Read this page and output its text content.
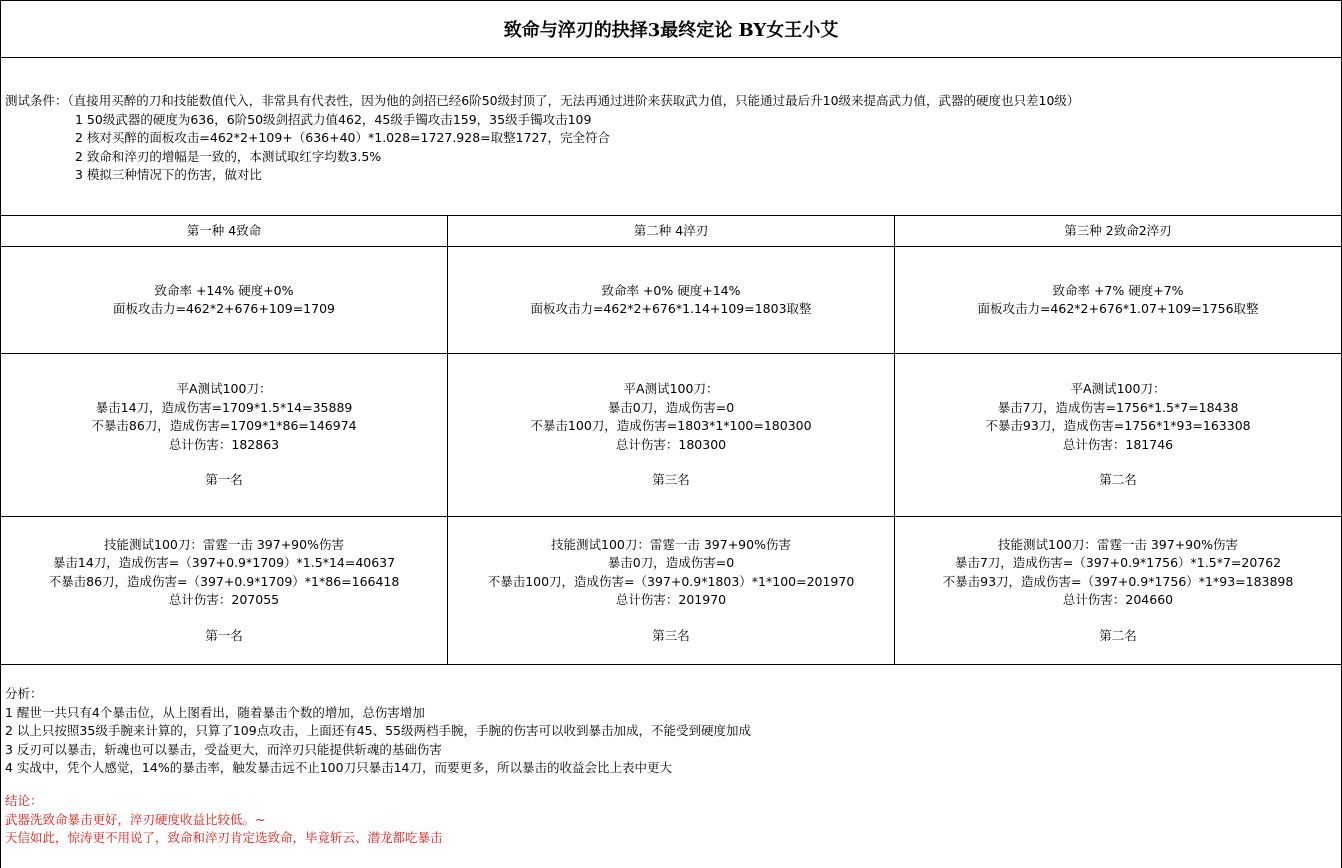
致命与淬刃的抉择3最终定论 BY女王小艾
测试条件：（直接用买醉的刀和技能数值代入，非常具有代表性，因为他的剑招已经6阶50级封顶了，无法再通过进阶来获取武力值，只能通过最后升10级来提高武力值，武器的硬度也只差10级）
1 50级武器的硬度为636，6阶50级剑招武力值462，45级手镯攻击159，35级手镯攻击109
2 核对买醉的面板攻击=462*2+109+（636+40）*1.028=1727.928=取整1727，完全符合
2 致命和淬刃的增幅是一致的，本测试取红字均数3.5%
3 模拟三种情况下的伤害，做对比
第一种 4致命	第二种 4淬刃	第三种 2致命2淬刃
致命率 +14% 硬度+0%
面板攻击力=462*2+676+109=1709
致命率 +0% 硬度+14%
面板攻击力=462*2+676*1.14+109=1803取整
致命率 +7% 硬度+7%
面板攻击力=462*2+676*1.07+109=1756取整
平A测试100刀：
暴击14刀，造成伤害=1709*1.5*14=35889
不暴击86刀，造成伤害=1709*1*86=146974
总计伤害：182863
第一名
平A测试100刀：
暴击0刀，造成伤害=0
不暴击100刀，造成伤害=1803*1*100=180300
总计伤害：180300
第三名
平A测试100刀：
暴击7刀，造成伤害=1756*1.5*7=18438
不暴击93刀，造成伤害=1756*1*93=163308
总计伤害：181746
第二名
技能测试100刀：雷霆一击 397+90%伤害
暴击14刀，造成伤害=（397+0.9*1709）*1.5*14=40637
不暴击86刀，造成伤害=（397+0.9*1709）*1*86=166418
总计伤害：207055
第一名
技能测试100刀：雷霆一击 397+90%伤害
暴击0刀，造成伤害=0
不暴击100刀，造成伤害=（397+0.9*1803）*1*100=201970
总计伤害：201970
第三名
技能测试100刀：雷霆一击 397+90%伤害
暴击7刀，造成伤害=（397+0.9*1756）*1.5*7=20762
不暴击93刀，造成伤害=（397+0.9*1756）*1*93=183898
总计伤害：204660
第二名
分析：
1 醒世一共只有4个暴击位，从上图看出，随着暴击个数的增加，总伤害增加
2 以上只按照35级手腕来计算的，只算了109点攻击，上面还有45、55级两档手腕，手腕的伤害可以收到暴击加成，不能受到硬度加成
3 反刃可以暴击，斩魂也可以暴击，受益更大，而淬刃只能提供斩魂的基础伤害
4 实战中，凭个人感觉，14%的暴击率，触发暴击远不止100刀只暴击14刀，而要更多，所以暴击的收益会比上表中更大
结论：
武器洗致命暴击更好，淬刃硬度收益比较低。~
天信如此，惊涛更不用说了，致命和淬刃肯定选致命，毕竟斩云、潜龙都吃暴击
